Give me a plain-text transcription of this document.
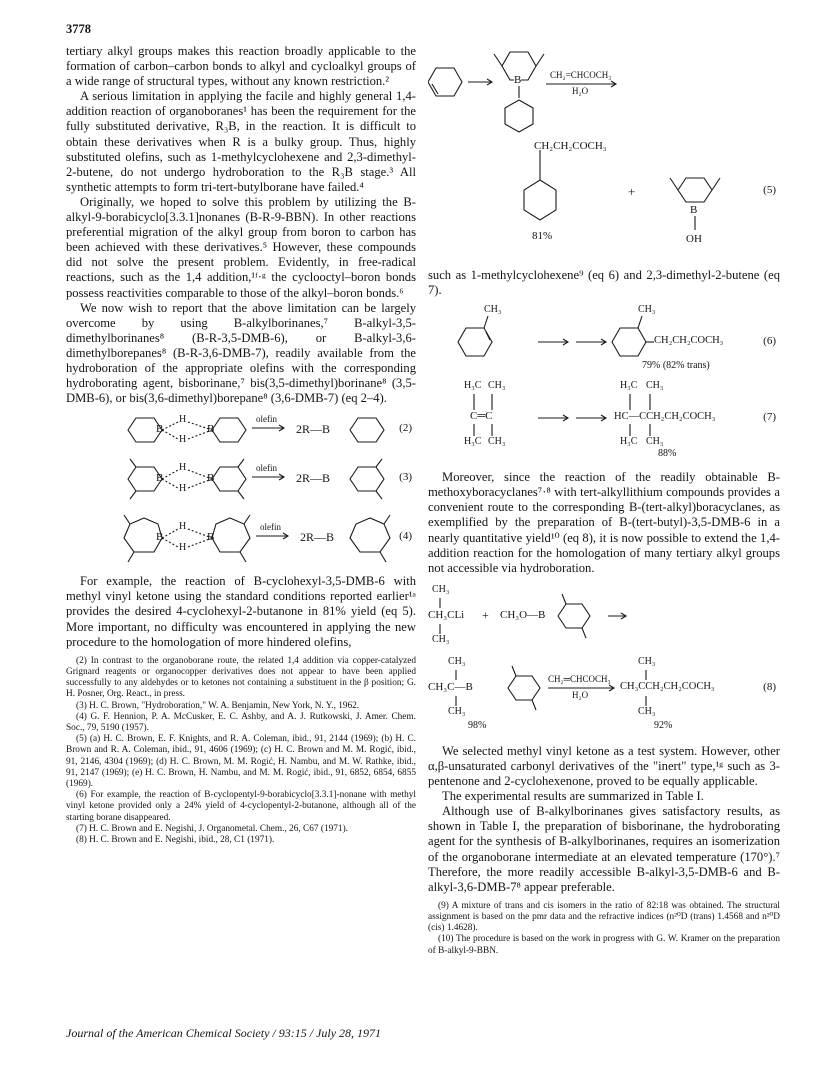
3778

tertiary alkyl groups makes this reaction broadly applicable to the formation of carbon–carbon bonds to alkyl and cycloalkyl groups of a wide range of structural types, without any known restriction.²

A serious limitation in applying the facile and highly general 1,4-addition reaction of organoboranes¹ has been the requirement for the fully substituted derivative, R₃B, in the reaction. It is difficult to obtain these derivatives when R is a bulky group. Thus, highly substituted olefins, such as 1-methylcyclohexene and 2,3-dimethyl-2-butene, do not undergo hydroboration to the R₃B stage.³ All synthetic attempts to form tri-tert-butylborane have failed.⁴

Originally, we hoped to solve this problem by utilizing the B-alkyl-9-borabicyclo[3.3.1]nonanes (B-R-9-BBN). In other reactions preferential migration of the alkyl group from boron to carbon has been achieved with these derivatives.⁵ However, these compounds did not solve the present problem. Evidently, in free-radical reactions, such as the 1,4 addition,¹ᶠ·ᵍ the cyclooctyl–boron bonds possess reactivities comparable to those of the alkyl–boron bonds.⁶

We now wish to report that the above limitation can be largely overcome by using B-alkylborinanes,⁷ B-alkyl-3,5-dimethylborinanes⁸ (B-R-3,5-DMB-6), or B-alkyl-3,6-dimethylborepanes⁸ (B-R-3,6-DMB-7), readily available from the hydroboration of the appropriate olefins with the corresponding hydroborating agent, bisborinane,⁷ bis(3,5-dimethyl)borinane⁸ (3,5-DMB-6), or bis(3,6-dimethyl)borepane⁸ (3,6-DMB-7) (eq 2–4).

B	B
H
H
olefin
2R—B	(2)
B	B
H
H
olefin
2R—B	(3)
B	B
H
H
olefin
2R—B	(4)

For example, the reaction of B-cyclohexyl-3,5-DMB-6 with methyl vinyl ketone using the standard conditions reported earlier¹ᵃ provides the desired 4-cyclohexyl-2-butanone in 81% yield (eq 5). More important, no difficulty was encountered in applying the new procedure to the homologation of more hindered olefins,

(2) In contrast to the organoborane route, the related 1,4 addition via copper-catalyzed Grignard reagents or organocopper derivatives does not appear to have been applied successfully to any aldehydes or to ketones not containing a substituent in the β position; G. H. Posner, Org. React., in press.

(3) H. C. Brown, "Hydroboration," W. A. Benjamin, New York, N. Y., 1962.

(4) G. F. Hennion, P. A. McCusker, E. C. Ashby, and A. J. Rutkowski, J. Amer. Chem. Soc., 79, 5190 (1957).

(5) (a) H. C. Brown, E. F. Knights, and R. A. Coleman, ibid., 91, 2144 (1969); (b) H. C. Brown and R. A. Coleman, ibid., 91, 4606 (1969); (c) H. C. Brown and M. M. Rogić, ibid., 91, 2146, 4304 (1969); (d) H. C. Brown, M. M. Rogić, H. Nambu, and M. W. Rathke, ibid., 91, 2147 (1969); (e) H. C. Brown, H. Nambu, and M. M. Rogić, ibid., 91, 6852, 6854, 6855 (1969).

(6) For example, the reaction of B-cyclopentyl-9-borabicyclo[3.3.1]-nonane with methyl vinyl ketone provided only a 24% yield of 4-cyclopentyl-2-butanone, although all of the starting borane disappeared.

(7) H. C. Brown and E. Negishi, J. Organometal. Chem., 26, C67 (1971).

(8) H. C. Brown and E. Negishi, ibid., 28, C1 (1971).

B	CH₂=CHCOCH₃
H₂O
CH₂CH₂COCH₃
81%
+
B
OH
(5)

such as 1-methylcyclohexene⁹ (eq 6) and 2,3-dimethyl-2-butene (eq 7).

CH₃	CH₃
CH₂CH₂COCH₃
79% (82% trans)
(6)
H₃C CH₃
C═C
H₃C CH₃
H₃C CH₃
HC—CCH₂CH₂COCH₃
H₃C CH₃
88%
(7)

Moreover, since the reaction of the readily obtainable B-methoxyboracyclanes⁷·⁸ with tert-alkyllithium compounds provides a convenient route to the corresponding B-(tert-alkyl)boracyclanes, as exemplified by the preparation of B-(tert-butyl)-3,5-DMB-6 in a nearly quantitative yield¹⁰ (eq 8), it is now possible to extend the 1,4-addition reaction for the homologation of many tertiary alkyl groups not accessible via hydroboration.

CH₃
CH₃CLi + CH₃O—B
CH₃
CH₃
CH₃C—B
CH₃
CH₂═CHCOCH₃
H₂O
CH₃
CH₃CCH₂CH₂COCH₃
CH₃
98%	92%
(8)

We selected methyl vinyl ketone as a test system. However, other α,β-unsaturated carbonyl derivatives of the "inert" type,¹ᵍ such as 3-pentenone and 2-cyclohexenone, proved to be equally applicable.

The experimental results are summarized in Table I.

Although use of B-alkylborinanes gives satisfactory results, as shown in Table I, the preparation of bisborinane, the hydroborating agent for the synthesis of B-alkylborinanes, requires an isomerization of the organoborane intermediate at an elevated temperature (170°).⁷ Therefore, the more readily accessible B-alkyl-3,5-DMB-6 and B-alkyl-3,6-DMB-7⁸ appear preferable.

(9) A mixture of trans and cis isomers in the ratio of 82:18 was obtained. The structural assignment is based on the pmr data and the refractive indices (n²⁰D (trans) 1.4568 and n²⁰D (cis) 1.4628).

(10) The procedure is based on the work in progress with G. W. Kramer on the preparation of B-alkyl-9-BBN.

Journal of the American Chemical Society / 93:15 / July 28, 1971
